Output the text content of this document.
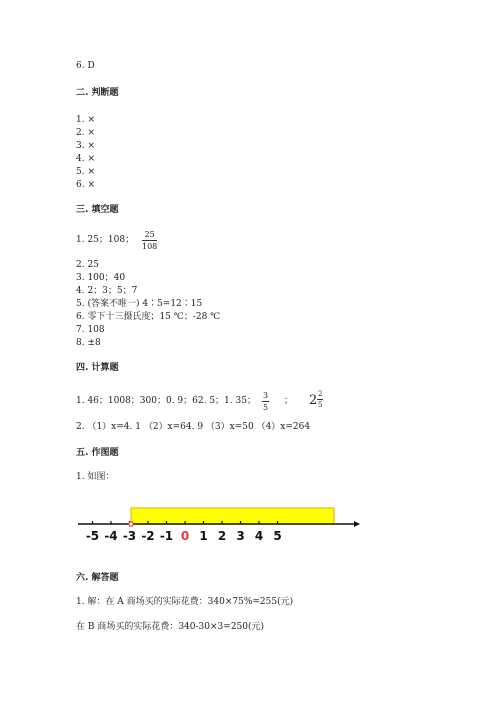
6. D
二. 判断题
1. ×
2. ×
3. ×
4. ×
5. ×
6. ×
三. 填空题
1. 25；108；
25
108
2. 25
3. 100；40
4. 2；3；5；7
5. (答案不唯一) 4∶5=12∶15
6. 零下十三摄氏度；15 ℃；-28 ℃
7. 108
8. ±8
四. 计算题
1. 46；1008；300；0. 9；62. 5；1. 35；
3
5
； 2 2
5
2. （1）x=4. 1 （2）x=64. 9 （3）x=50 （4）x=264
五. 作图题
1. 如图：
-5 -4 -3 -2 -1 0 1 2 3 4 5
六. 解答题
1. 解：在 A 商场买的实际花费：340×75%=255(元)
在 B 商场买的实际花费：340-30×3=250(元)
